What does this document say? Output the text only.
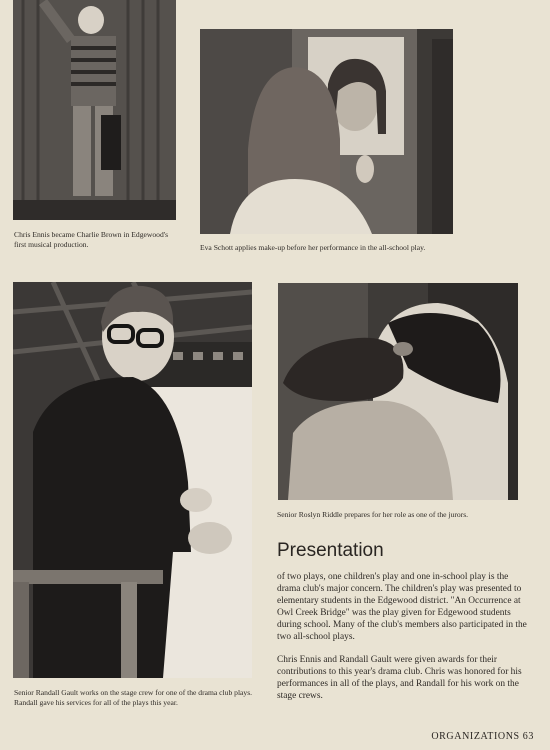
Chris Ennis became Charlie Brown in Edgewood's first musical production.	Eva Schott applies make-up before her performance in the all-school play.

Senior Randall Gault works on the stage crew for one of the drama club plays. Randall gave his services for all of the plays this year.

Senior Roslyn Riddle prepares for her role as one of the jurors.

Presentation

of two plays, one children's play and one in-school play is the drama club's major concern. The children's play was presented to elementary students in the Edgewood district. "An Occurrence at Owl Creek Bridge" was the play given for Edgewood students during school. Many of the club's members also participated in the two all-school plays.

Chris Ennis and Randall Gault were given awards for their contributions to this year's drama club. Chris was honored for his performances in all of the plays, and Randall for his work on the stage crews.

ORGANIZATIONS 63
